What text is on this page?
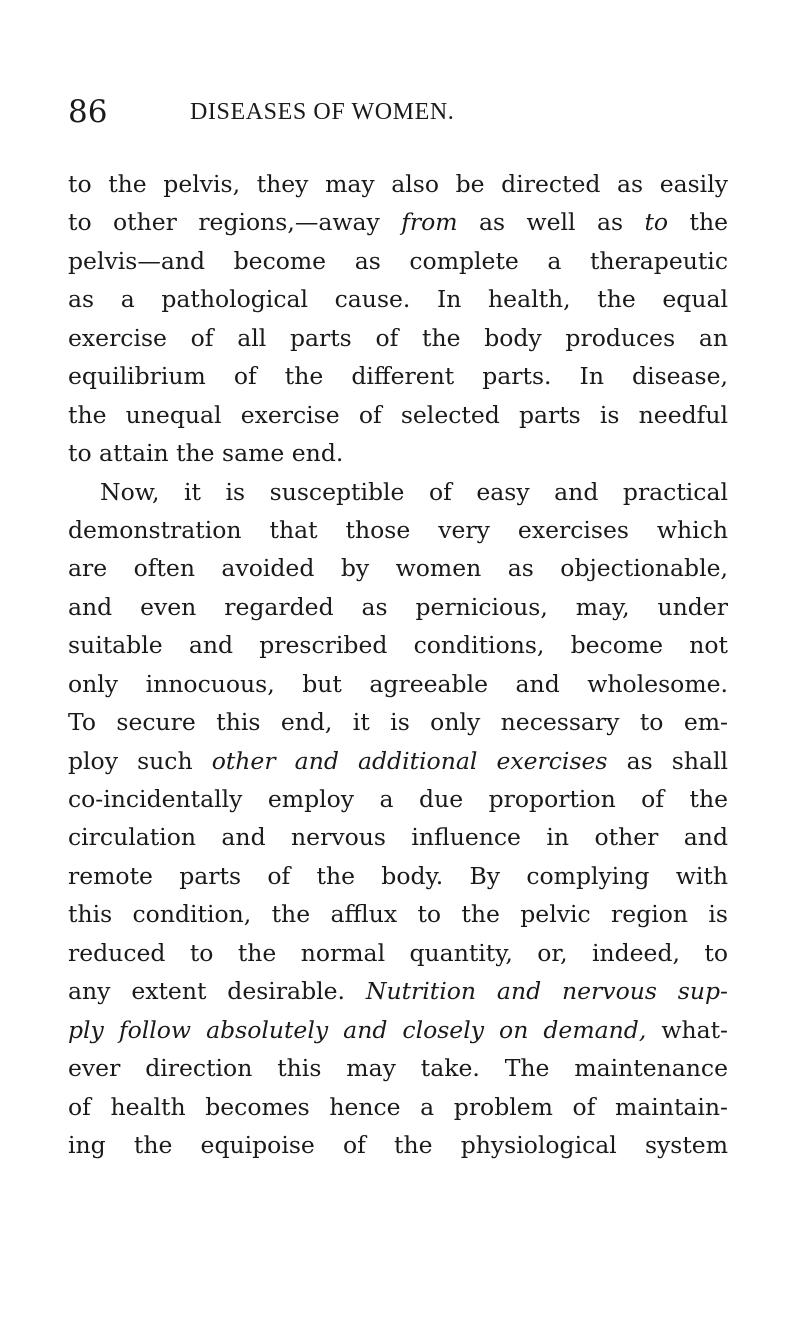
86	DISEASES OF WOMEN.
to the pelvis, they may also be directed as easily
to other regions,—away from as well as to the
pelvis—and become as complete a therapeutic
as a pathological cause. In health, the equal
exercise of all parts of the body produces an
equilibrium of the different parts. In disease,
the unequal exercise of selected parts is needful
to attain the same end.
Now, it is susceptible of easy and practical
demonstration that those very exercises which
are often avoided by women as objectionable,
and even regarded as pernicious, may, under
suitable and prescribed conditions, become not
only innocuous, but agreeable and wholesome.
To secure this end, it is only necessary to em-
ploy such other and additional exercises as shall
co-incidentally employ a due proportion of the
circulation and nervous influence in other and
remote parts of the body. By complying with
this condition, the afflux to the pelvic region is
reduced to the normal quantity, or, indeed, to
any extent desirable. Nutrition and nervous sup-
ply follow absolutely and closely on demand, what-
ever direction this may take. The maintenance
of health becomes hence a problem of maintain-
ing the equipoise of the physiological system
